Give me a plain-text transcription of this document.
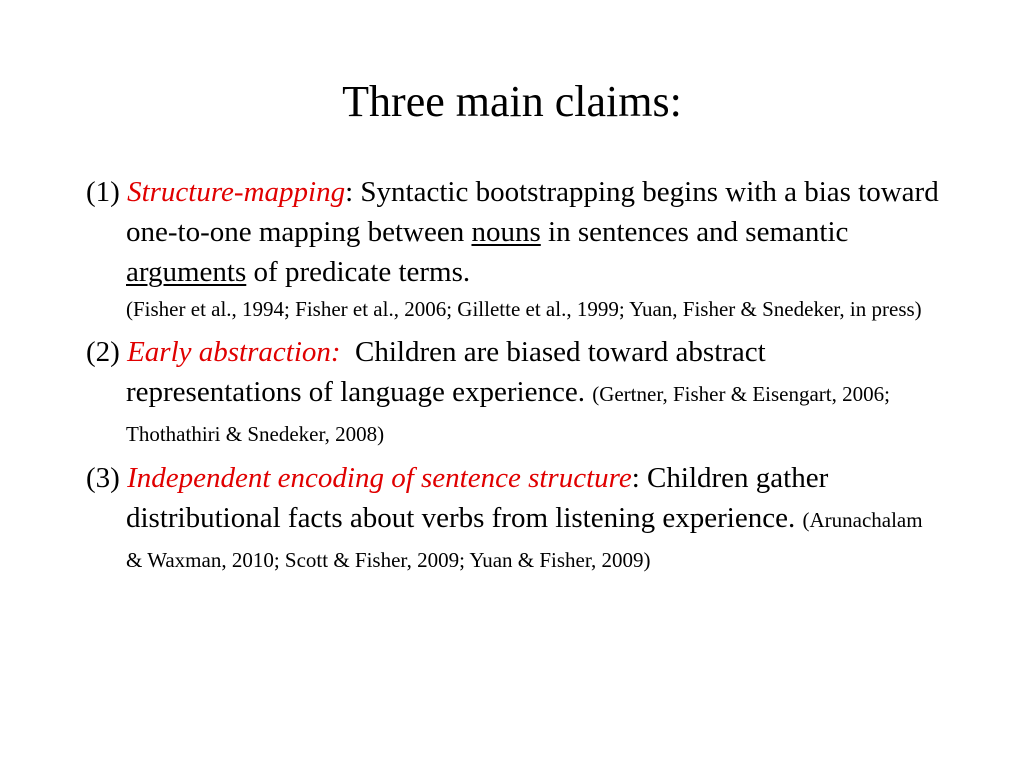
Three main claims:

(1) Structure-mapping: Syntactic bootstrapping begins with a bias toward one-to-one mapping between nouns in sentences and semantic arguments of predicate terms.
(Fisher et al., 1994; Fisher et al., 2006; Gillette et al., 1999; Yuan, Fisher & Snedeker, in press)

(2) Early abstraction: Children are biased toward abstract representations of language experience. (Gertner, Fisher & Eisengart, 2006; Thothathiri & Snedeker, 2008)

(3) Independent encoding of sentence structure: Children gather distributional facts about verbs from listening experience. (Arunachalam & Waxman, 2010; Scott & Fisher, 2009; Yuan & Fisher, 2009)
